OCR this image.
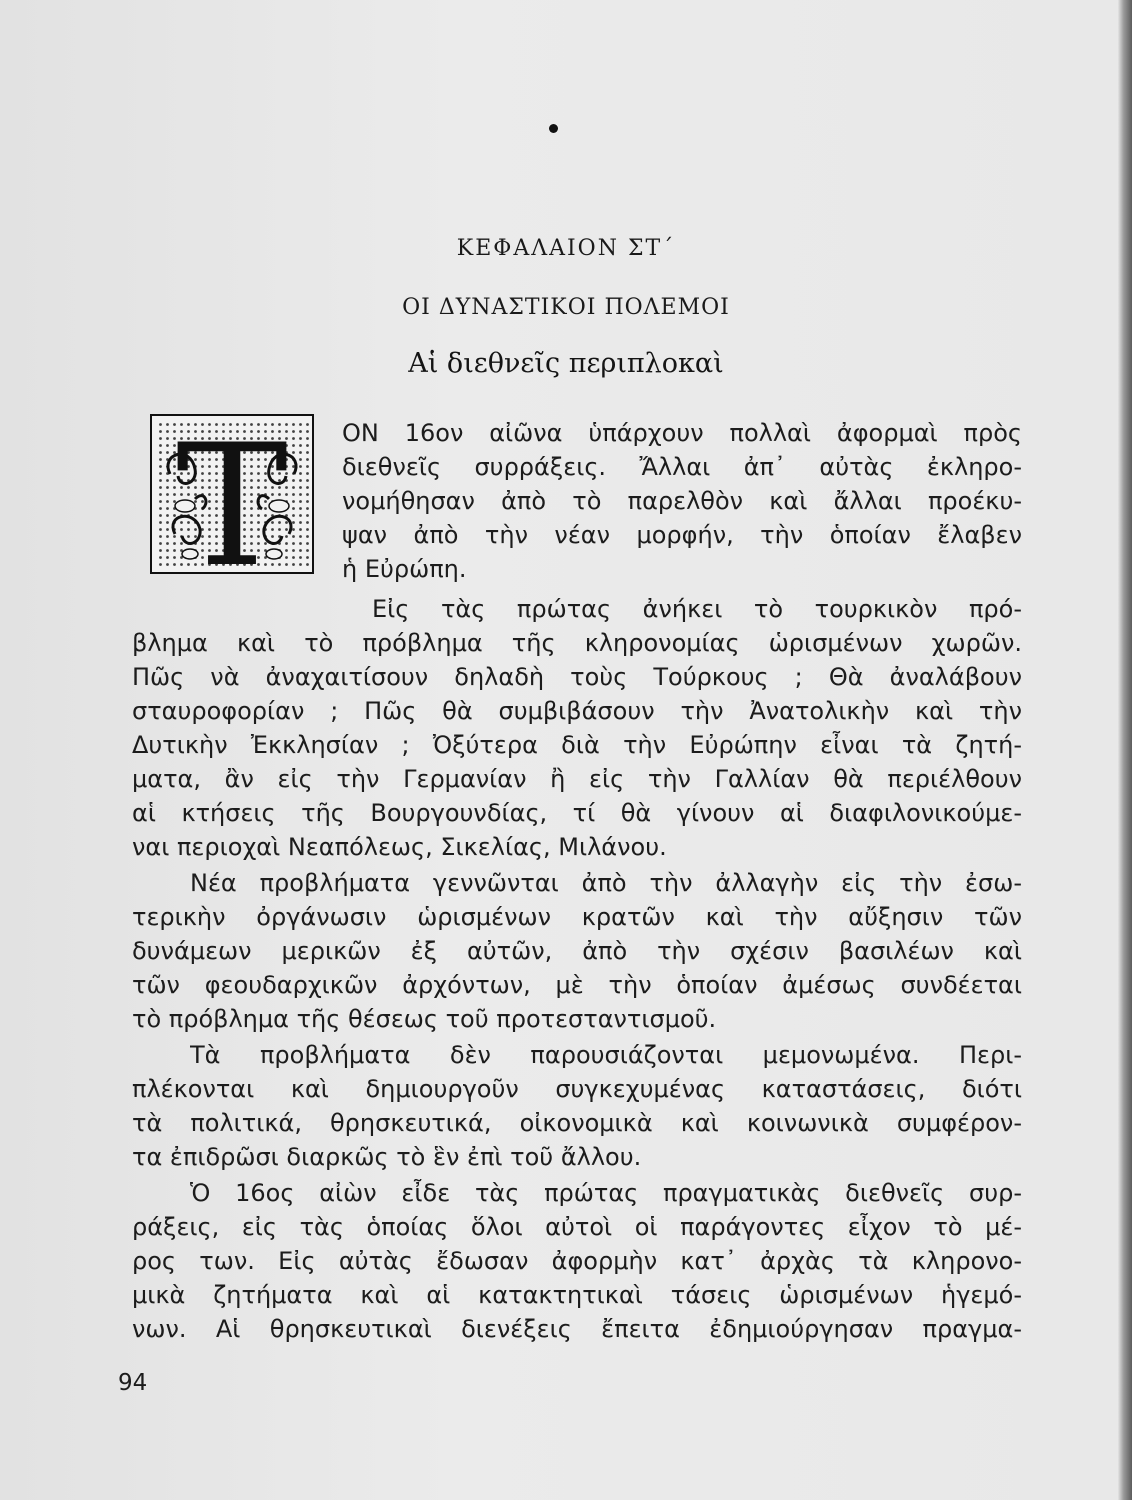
ΚΕΦΑΛΑΙΟΝ ΣΤ΄
ΟΙ ΔΥΝΑΣΤΙΚΟΙ ΠΟΛΕΜΟΙ
Αἱ διεθνεῖς περιπλοκαὶ
Τ ΟΝ 16ον αἰῶνα ὑπάρχουν πολλαὶ ἀφορμαὶ πρὸς
διεθνεῖς συρράξεις. Ἄλλαι ἀπ᾽ αὐτὰς ἐκληρο-
νομήθησαν ἀπὸ τὸ παρελθὸν καὶ ἄλλαι προέκυ-
ψαν ἀπὸ τὴν νέαν μορφήν, τὴν ὁποίαν ἔλαβεν
ἡ Εὐρώπη.
Εἰς τὰς πρώτας ἀνήκει τὸ τουρκικὸν πρό-
βλημα καὶ τὸ πρόβλημα τῆς κληρονομίας ὡρισμένων χωρῶν.
Πῶς νὰ ἀναχαιτίσουν δηλαδὴ τοὺς Τούρκους ; Θὰ ἀναλάβουν
σταυροφορίαν ; Πῶς θὰ συμβιβάσουν τὴν Ἀνατολικὴν καὶ τὴν
Δυτικὴν Ἐκκλησίαν ; Ὀξύτερα διὰ τὴν Εὐρώπην εἶναι τὰ ζητή-
ματα, ἂν εἰς τὴν Γερμανίαν ἢ εἰς τὴν Γαλλίαν θὰ περιέλθουν
αἱ κτήσεις τῆς Βουργουνδίας, τί θὰ γίνουν αἱ διαφιλονικούμε-
ναι περιοχαὶ Νεαπόλεως, Σικελίας, Μιλάνου.
Νέα προβλήματα γεννῶνται ἀπὸ τὴν ἀλλαγὴν εἰς τὴν ἐσω-
τερικὴν ὀργάνωσιν ὡρισμένων κρατῶν καὶ τὴν αὔξησιν τῶν
δυνάμεων μερικῶν ἐξ αὐτῶν, ἀπὸ τὴν σχέσιν βασιλέων καὶ
τῶν φεουδαρχικῶν ἀρχόντων, μὲ τὴν ὁποίαν ἀμέσως συνδέεται
τὸ πρόβλημα τῆς θέσεως τοῦ προτεσταντισμοῦ.
Τὰ προβλήματα δὲν παρουσιάζονται μεμονωμένα. Περι-
πλέκονται καὶ δημιουργοῦν συγκεχυμένας καταστάσεις, διότι
τὰ πολιτικά, θρησκευτικά, οἰκονομικὰ καὶ κοινωνικὰ συμφέρον-
τα ἐπιδρῶσι διαρκῶς τὸ ἓν ἐπὶ τοῦ ἄλλου.
Ὁ 16ος αἰὼν εἶδε τὰς πρώτας πραγματικὰς διεθνεῖς συρ-
ράξεις, εἰς τὰς ὁποίας ὅλοι αὐτοὶ οἱ παράγοντες εἶχον τὸ μέ-
ρος των. Εἰς αὐτὰς ἔδωσαν ἀφορμὴν κατ᾽ ἀρχὰς τὰ κληρονο-
μικὰ ζητήματα καὶ αἱ κατακτητικαὶ τάσεις ὡρισμένων ἡγεμό-
νων. Αἱ θρησκευτικαὶ διενέξεις ἔπειτα ἐδημιούργησαν πραγμα-
94
